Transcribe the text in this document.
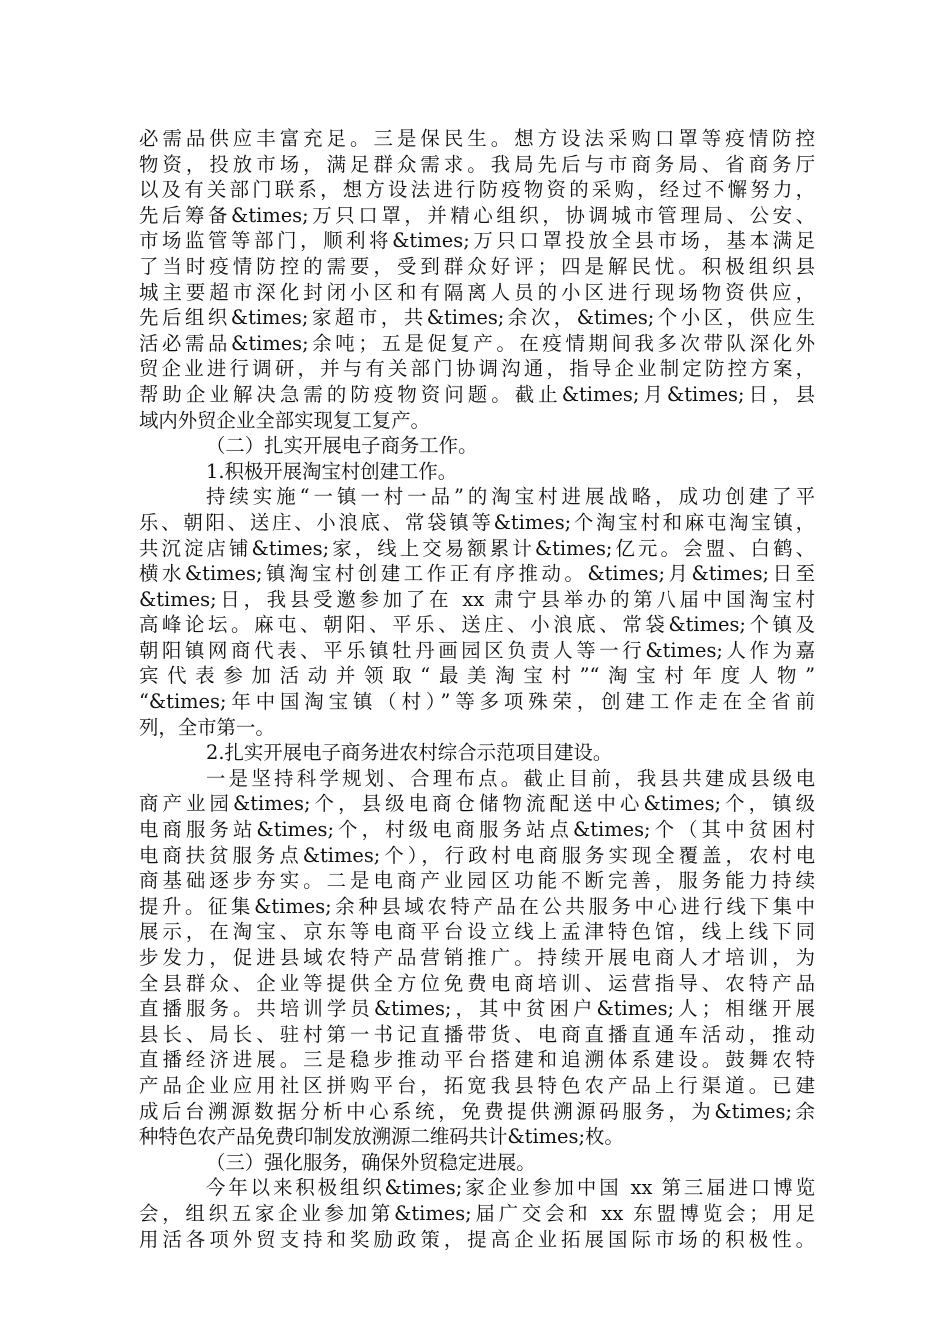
必需品供应丰富充足。三是保民生。想方设法采购口罩等疫情防控
物资，投放市场，满足群众需求。我局先后与市商务局、省商务厅
以及有关部门联系，想方设法进行防疫物资的采购，经过不懈努力，
先后筹备&times;万只口罩，并精心组织，协调城市管理局、公安、
市场监管等部门，顺利将&times;万只口罩投放全县市场，基本满足
了当时疫情防控的需要，受到群众好评；四是解民忧。积极组织县
城主要超市深化封闭小区和有隔离人员的小区进行现场物资供应，
先后组织&times;家超市，共&times;余次，&times;个小区，供应生
活必需品&times;余吨；五是促复产。在疫情期间我多次带队深化外
贸企业进行调研，并与有关部门协调沟通，指导企业制定防控方案，
帮助企业解决急需的防疫物资问题。截止&times;月&times;日，县
域内外贸企业全部实现复工复产。
（二）扎实开展电子商务工作。
1.积极开展淘宝村创建工作。
持续实施“一镇一村一品”的淘宝村进展战略，成功创建了平
乐、朝阳、送庄、小浪底、常袋镇等&times;个淘宝村和麻屯淘宝镇，
共沉淀店铺&times;家，线上交易额累计&times;亿元。会盟、白鹤、
横水&times;镇淘宝村创建工作正有序推动。&times;月&times;日至
&times;日，我县受邀参加了在 xx 肃宁县举办的第八届中国淘宝村
高峰论坛。麻屯、朝阳、平乐、送庄、小浪底、常袋&times;个镇及
朝阳镇网商代表、平乐镇牡丹画园区负责人等一行&times;人作为嘉
宾代表参加活动并领取“最美淘宝村”“淘宝村年度人物”
“&times;年中国淘宝镇（村）”等多项殊荣，创建工作走在全省前
列，全市第一。
2.扎实开展电子商务进农村综合示范项目建设。
一是坚持科学规划、合理布点。截止目前，我县共建成县级电
商产业园&times;个，县级电商仓储物流配送中心&times;个，镇级
电商服务站&times;个，村级电商服务站点&times;个（其中贫困村
电商扶贫服务点&times;个），行政村电商服务实现全覆盖，农村电
商基础逐步夯实。二是电商产业园区功能不断完善，服务能力持续
提升。征集&times;余种县域农特产品在公共服务中心进行线下集中
展示，在淘宝、京东等电商平台设立线上孟津特色馆，线上线下同
步发力，促进县域农特产品营销推广。持续开展电商人才培训，为
全县群众、企业等提供全方位免费电商培训、运营指导、农特产品
直播服务。共培训学员&times;，其中贫困户&times;人；相继开展
县长、局长、驻村第一书记直播带货、电商直播直通车活动，推动
直播经济进展。三是稳步推动平台搭建和追溯体系建设。鼓舞农特
产品企业应用社区拼购平台，拓宽我县特色农产品上行渠道。已建
成后台溯源数据分析中心系统，免费提供溯源码服务，为&times;余
种特色农产品免费印制发放溯源二维码共计&times;枚。
（三）强化服务，确保外贸稳定进展。
今年以来积极组织&times;家企业参加中国 xx 第三届进口博览
会，组织五家企业参加第&times;届广交会和 xx 东盟博览会；用足
用活各项外贸支持和奖励政策，提高企业拓展国际市场的积极性。
